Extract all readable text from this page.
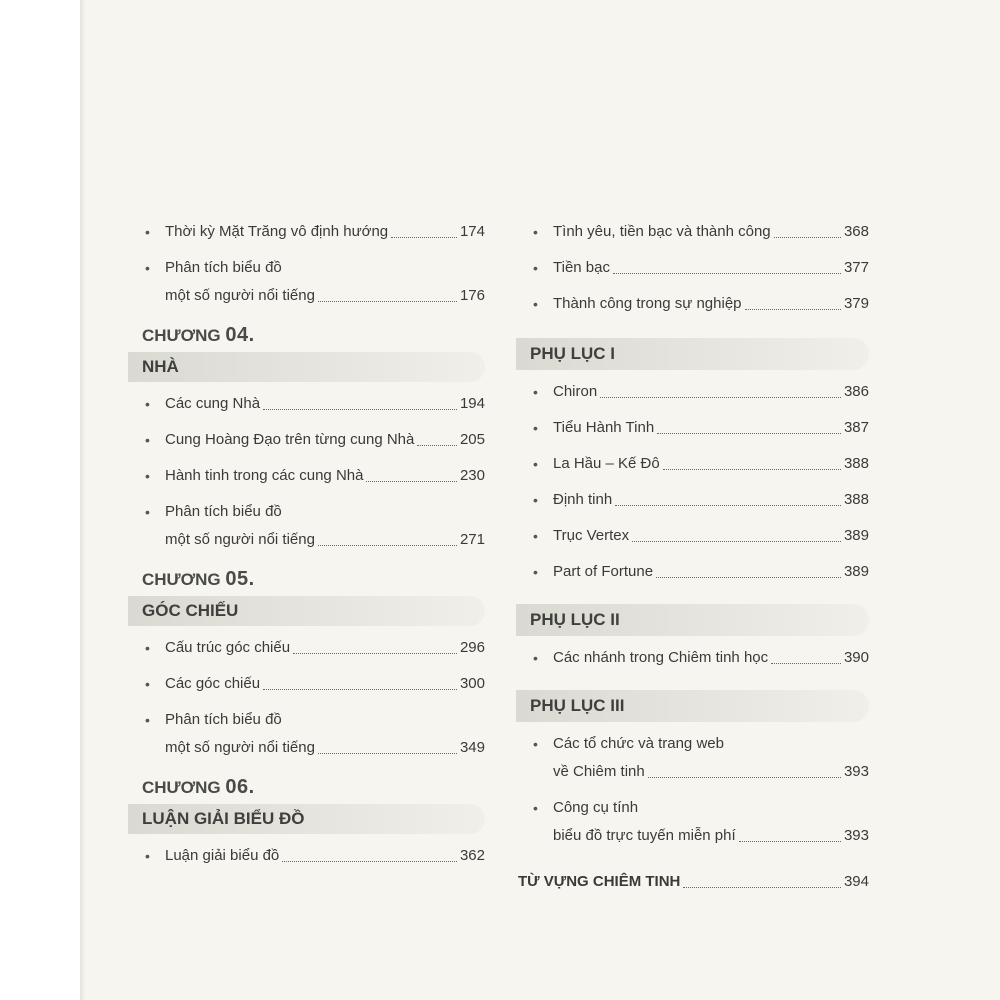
•	Thời kỳ Mặt Trăng vô định hướng	174
•	Phân tích biểu đồ
một số người nổi tiếng	176
CHƯƠNG 04.
NHÀ
•	Các cung Nhà	194
•	Cung Hoàng Đạo trên từng cung Nhà	205
•	Hành tinh trong các cung Nhà	230
•	Phân tích biểu đồ
một số người nổi tiếng	271
CHƯƠNG 05.
GÓC CHIẾU
•	Cấu trúc góc chiếu	296
•	Các góc chiếu	300
•	Phân tích biểu đồ
một số người nổi tiếng	349
CHƯƠNG 06.
LUẬN GIẢI BIỂU ĐỒ
•	Luận giải biểu đồ	362
•	Tình yêu, tiền bạc và thành công	368
•	Tiền bạc	377
•	Thành công trong sự nghiệp	379
PHỤ LỤC I
•	Chiron	386
•	Tiểu Hành Tinh	387
•	La Hầu – Kế Đô	388
•	Định tinh	388
•	Trục Vertex	389
•	Part of Fortune	389
PHỤ LỤC II
•	Các nhánh trong Chiêm tinh học	390
PHỤ LỤC III
•	Các tổ chức và trang web
về Chiêm tinh	393
•	Công cụ tính
biểu đồ trực tuyến miễn phí	393
TỪ VỰNG CHIÊM TINH	394
